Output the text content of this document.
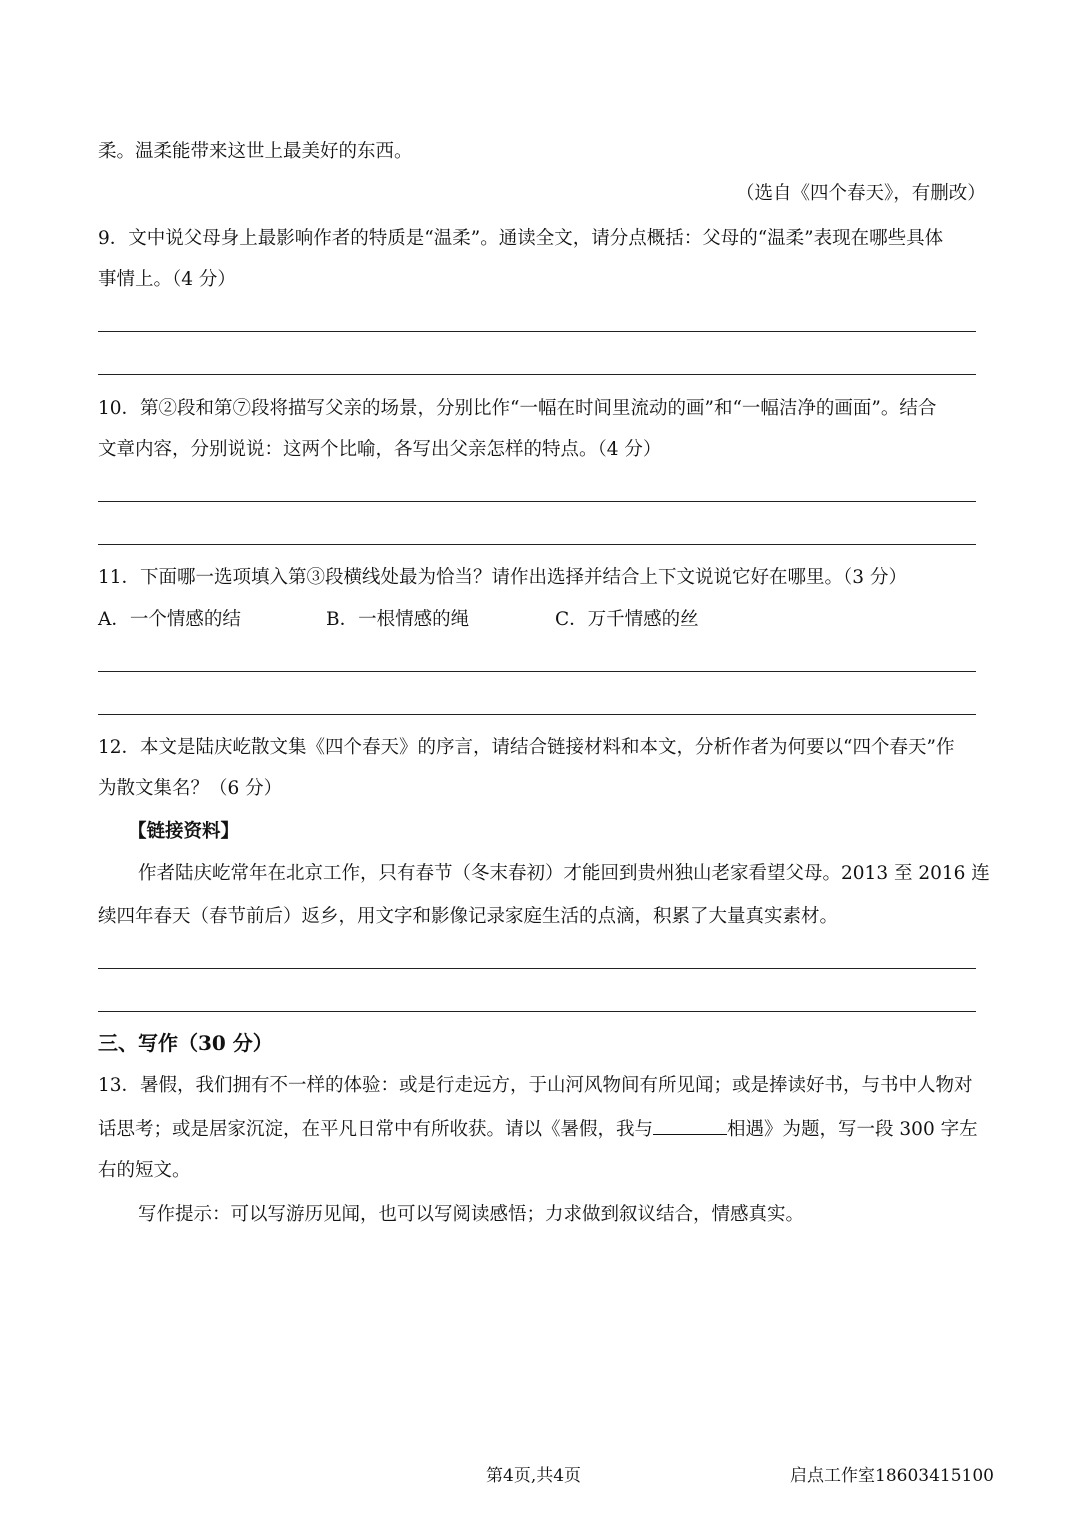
柔。温柔能带来这世上最美好的东西。
（选自《四个春天》，有删改）
9．文中说父母身上最影响作者的特质是“温柔”。通读全文，请分点概括：父母的“温柔”表现在哪些具体
事情上。（4 分）
10．第②段和第⑦段将描写父亲的场景，分别比作“一幅在时间里流动的画”和“一幅洁净的画面”。结合
文章内容，分别说说：这两个比喻，各写出父亲怎样的特点。（4 分）
11．下面哪一选项填入第③段横线处最为恰当？请作出选择并结合上下文说说它好在哪里。（3 分）
A．一个情感的结	B．一根情感的绳	C．万千情感的丝
12．本文是陆庆屹散文集《四个春天》的序言，请结合链接材料和本文，分析作者为何要以“四个春天”作
为散文集名？（6 分）
【链接资料】
作者陆庆屹常年在北京工作，只有春节（冬末春初）才能回到贵州独山老家看望父母。2013 至 2016 连
续四年春天（春节前后）返乡，用文字和影像记录家庭生活的点滴，积累了大量真实素材。
三、写作（30 分）
13．暑假，我们拥有不一样的体验：或是行走远方，于山河风物间有所见闻；或是捧读好书，与书中人物对
话思考；或是居家沉淀，在平凡日常中有所收获。请以《暑假，我与	相遇》为题，写一段 300 字左
右的短文。
写作提示：可以写游历见闻，也可以写阅读感悟；力求做到叙议结合，情感真实。
第4页,共4页	启点工作室18603415100
